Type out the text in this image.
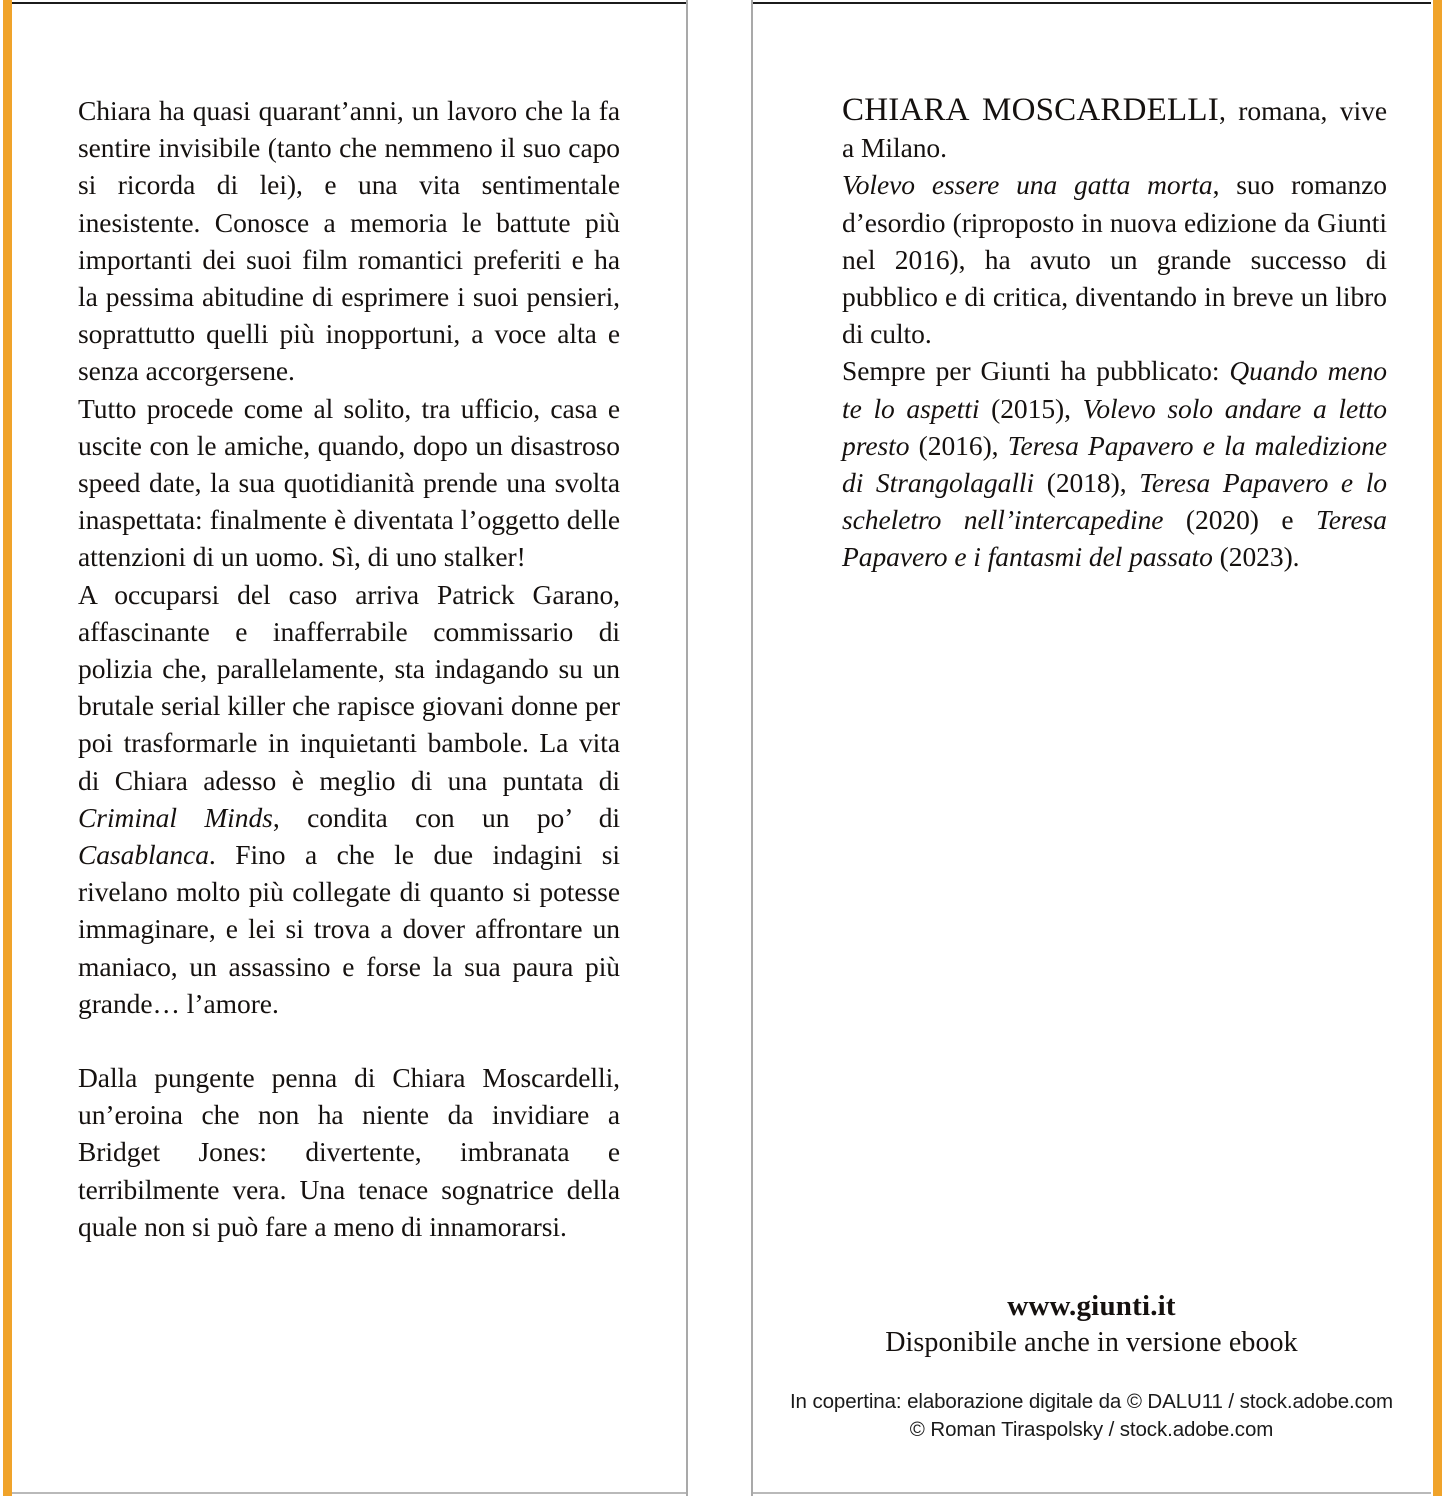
Chiara ha quasi quarant’anni, un lavoro che la fa sentire invisibile (tanto che nemmeno il suo capo si ricorda di lei), e una vita sentimentale inesistente. Conosce a memoria le battute più importanti dei suoi film romantici preferiti e ha la pessima abitudine di esprimere i suoi pensieri, soprattutto quelli più inopportuni, a voce alta e senza accorgersene.

Tutto procede come al solito, tra ufficio, casa e uscite con le amiche, quando, dopo un disastroso speed date, la sua quotidianità prende una svolta inaspettata: finalmente è diventata l’oggetto delle attenzioni di un uomo. Sì, di uno stalker!

A occuparsi del caso arriva Patrick Garano, affascinante e inafferrabile commissario di polizia che, parallelamente, sta indagando su un brutale serial killer che rapisce giovani donne per poi trasformarle in inquietanti bambole. La vita di Chiara adesso è meglio di una puntata di Criminal Minds, condita con un po’ di Casablanca. Fino a che le due indagini si rivelano molto più collegate di quanto si potesse immaginare, e lei si trova a dover affrontare un maniaco, un assassino e forse la sua paura più grande… l’amore.

Dalla pungente penna di Chiara Moscardelli, un’eroina che non ha niente da invidiare a Bridget Jones: divertente, imbranata e terribilmente vera. Una tenace sognatrice della quale non si può fare a meno di innamorarsi.

CHIARA MOSCARDELLI, romana, vive a Milano.

Volevo essere una gatta morta, suo romanzo d’esordio (riproposto in nuova edizione da Giunti nel 2016), ha avuto un grande successo di pubblico e di critica, diventando in breve un libro di culto.

Sempre per Giunti ha pubblicato: Quando meno te lo aspetti (2015), Volevo solo andare a letto presto (2016), Teresa Papavero e la maledizione di Strangolagalli (2018), Teresa Papavero e lo scheletro nell’intercapedine (2020) e Teresa Papavero e i fantasmi del passato (2023).

www.giunti.it
Disponibile anche in versione ebook
In copertina: elaborazione digitale da © DALU11 / stock.adobe.com
© Roman Tiraspolsky / stock.adobe.com
